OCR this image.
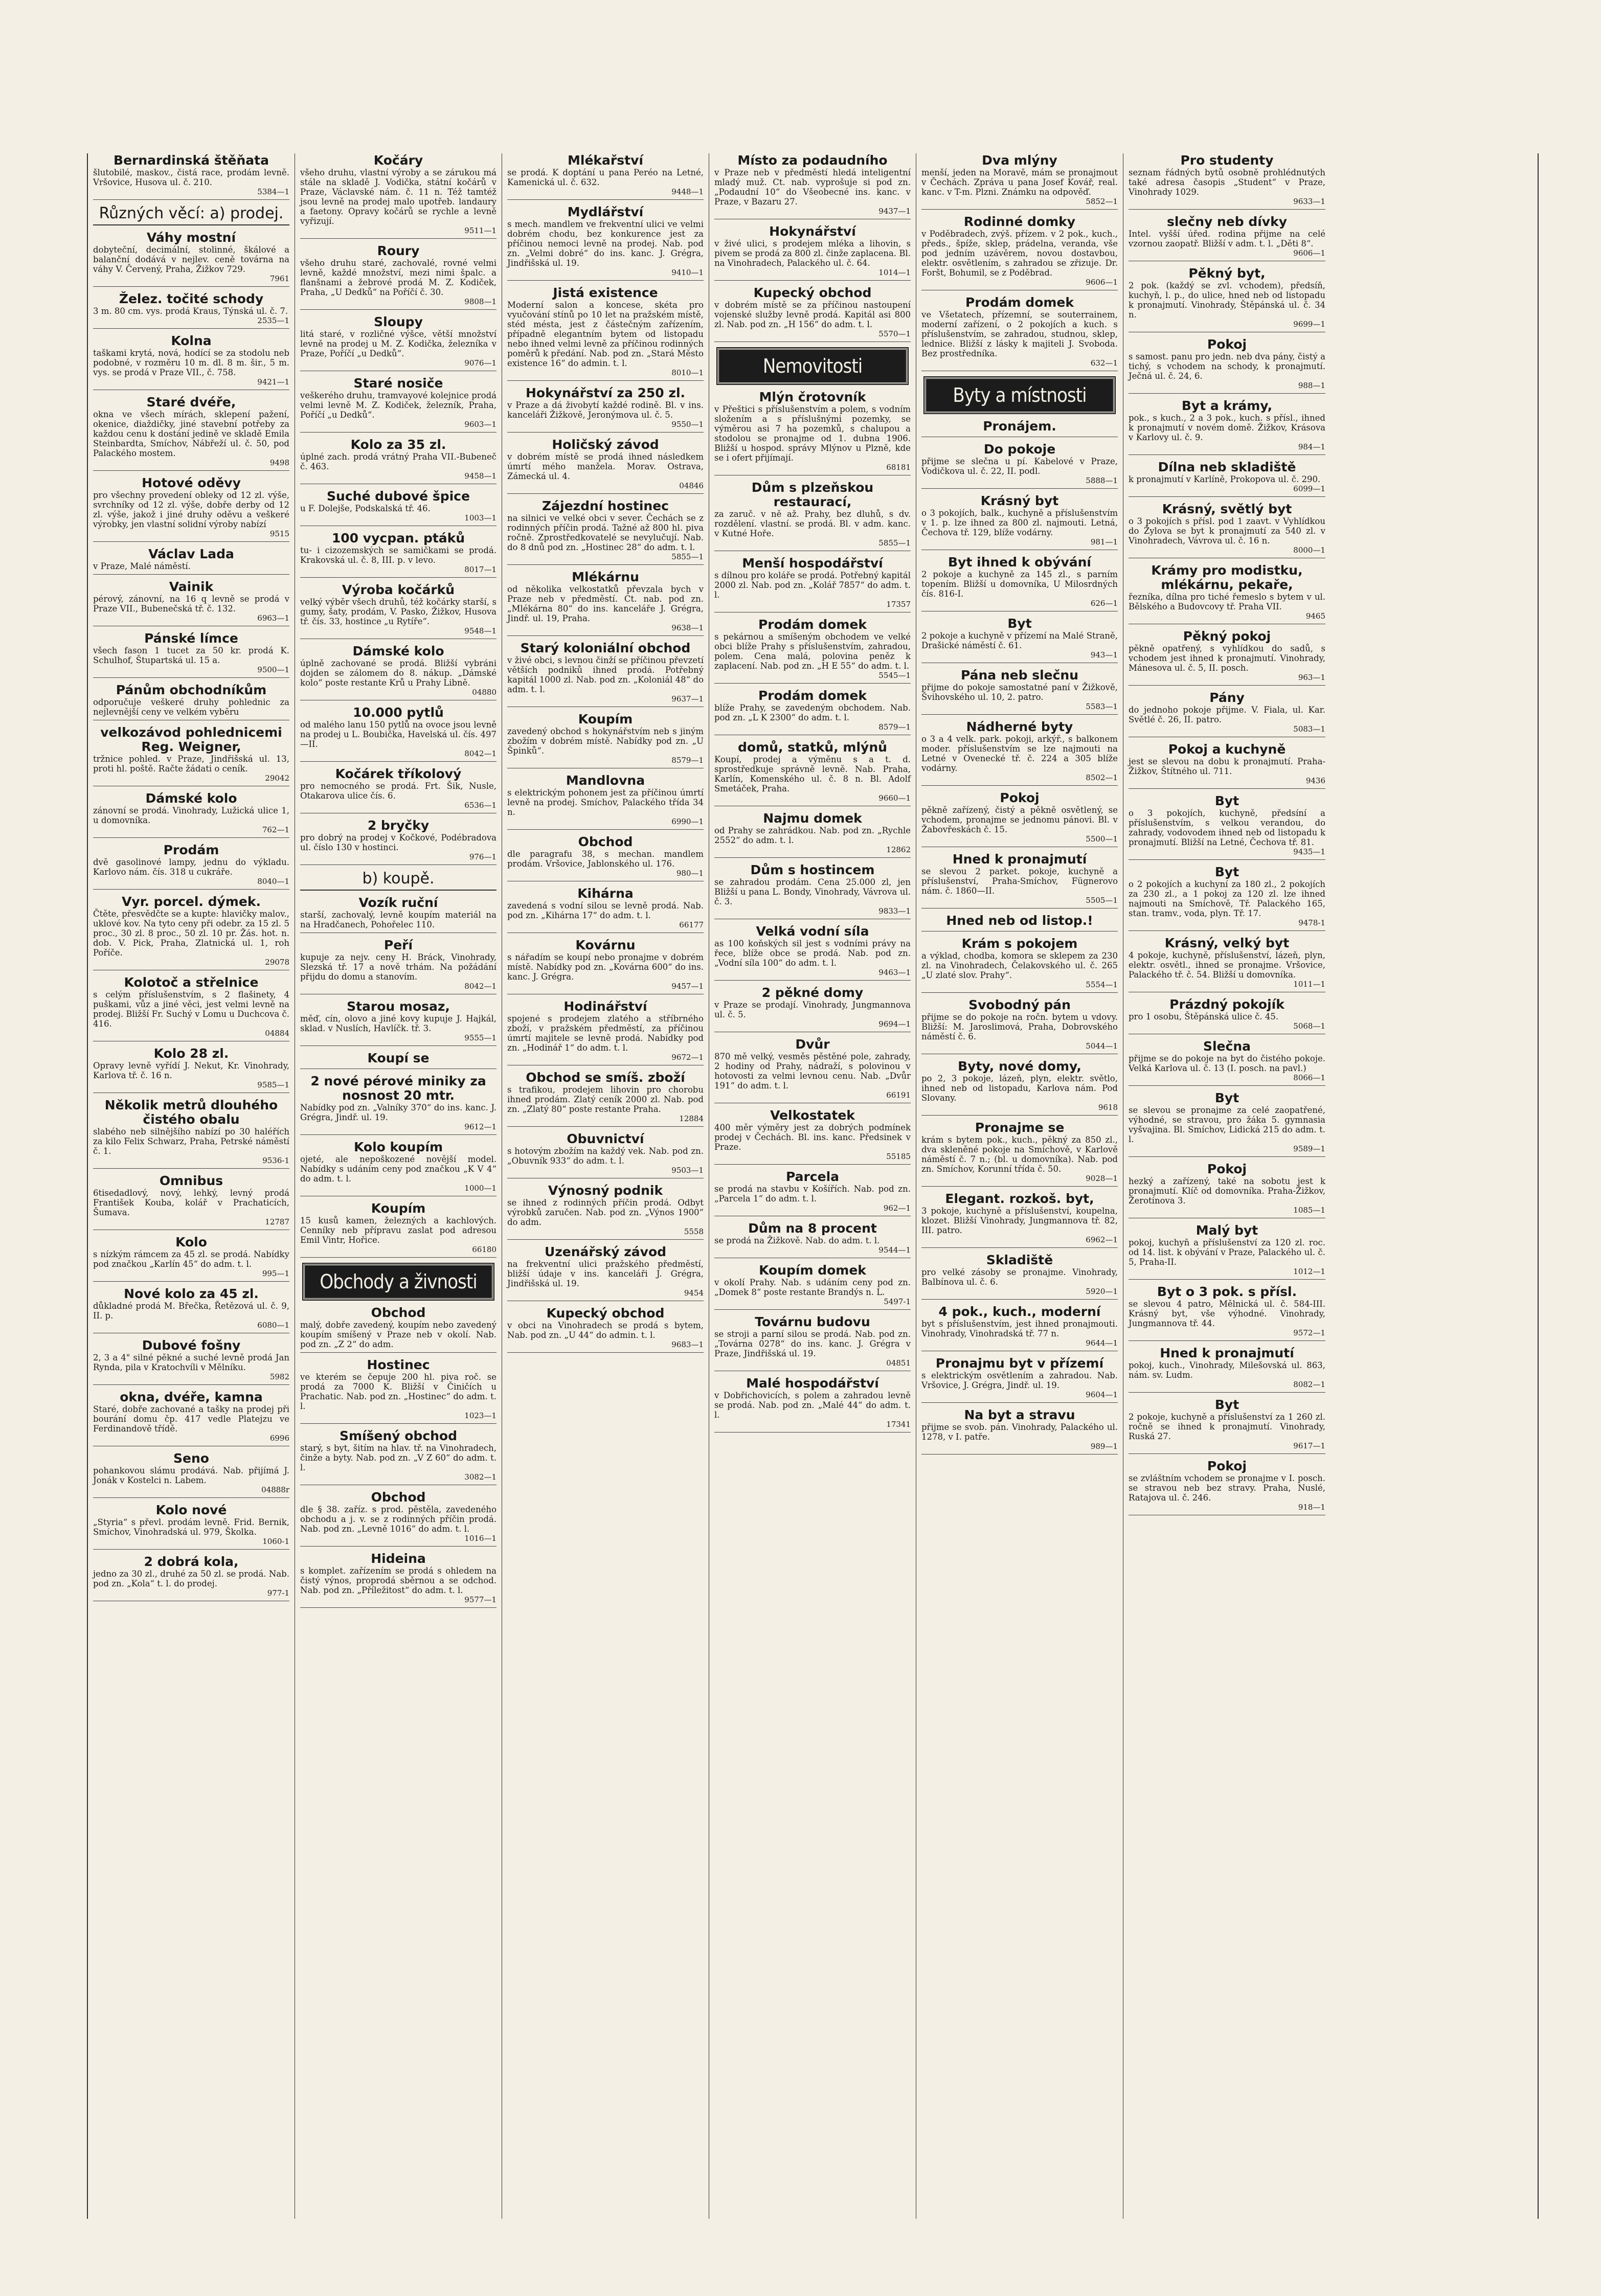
Bernardinská štěňata
šlutobilé, maskov., čistá race, prodám levně. Vršovice, Husova ul. č. 210.
5384—1
Různých věcí: a) prodej.
Váhy mostní
dobyteční, decimální, stolinné, škálové a balanční dodává v nejlev. ceně továrna na váhy V. Červený, Praha, Žižkov 729.
7961
Želez. točité schody
3 m. 80 cm. vys. prodá Kraus, Týnská ul. č. 7.
2535—1
Kolna
taškami krytá, nová, hodící se za stodolu neb podobné, v rozměru 10 m. dl. 8 m. šir., 5 m. vys. se prodá v Praze VII., č. 758.
9421—1
Staré dvéře,
okna ve všech mírách, sklepení pažení, okenice, diaždičky, jiné stavební potřeby za každou cenu k dostání jedině ve skladě Emila Steinbardta, Smíchov, Nábřeží ul. č. 50, pod Palackého mostem.
9498
Hotové oděvy
pro všechny provedení obleky od 12 zl. výše, svrchníky od 12 zl. výše, dobře derby od 12 zl. výše, jakož i jiné druhy oděvu a veškeré výrobky, jen vlastní solidní výroby nabízí
9515
Václav Lada
v Praze, Malé náměstí.
Vainik
pérový, zánovní, na 16 q levně se prodá v Praze VII., Bubenečská tř. č. 132.
6963—1
Pánské límce
všech fason 1 tucet za 50 kr. prodá K. Schulhof, Štupartská ul. 15 a.
9500—1
Pánům obchodníkům
odporučuje veškeré druhy pohlednic za nejlevnější ceny ve velkém vyběru
velkozávod pohlednicemi Reg. Weigner,
tržnice pohled. v Praze, Jindřišská ul. 13, proti hl. poště. Račte žádati o ceník.
29042
Dámské kolo
zánovní se prodá. Vinohrady, Lužická ulice 1, u domovníka.
762—1
Prodám
dvě gasolinové lampy, jednu do výkladu. Karlovo nám. čís. 318 u cukráře.
8040—1
Vyr. porcel. dýmek.
Čtěte, přesvědčte se a kupte: hlavičky malov., uklové kov. Na tyto ceny při odebr. za 15 zl. 5 proc., 30 zl. 8 proc., 50 zl. 10 pr. Žás. hot. n. dob. V. Pick, Praha, Zlatnická ul. 1, roh Poříče.
29078
Kolotoč a střelnice
s celým příslušenstvím, s 2 flašinety, 4 puškami, vůz a jiné věci, jest velmi levně na prodej. Bližší Fr. Suchý v Lomu u Duchcova č. 416.
04884
Kolo 28 zl.
Opravy levně vyřídí J. Nekut, Kr. Vinohrady, Karlova tř. č. 16 n.
9585—1
Několik metrů dlouhého čistého obalu
slabého neb silnějšího nabízí po 30 haléřích za kilo Felix Schwarz, Praha, Petrské náměstí č. 1.
9536-1
Omnibus
6tisedadlový, nový, lehký, levný prodá František Kouba, kolář v Prachaticích, Šumava.
12787
Kolo
s nízkým rámcem za 45 zl. se prodá. Nabídky pod značkou „Karlín 45“ do adm. t. l.
995—1
Nové kolo za 45 zl.
důkladné prodá M. Břečka, Řetězová ul. č. 9, II. p.
6080—1
Dubové fošny
2, 3 a 4" silné pěkné a suché levně prodá Jan Rynda, pila v Kratochvíli v Mělníku.
5982
okna, dvéře, kamna
Staré, dobře zachované a tašky na prodej při bourání domu čp. 417 vedle Platejzu ve Ferdinandově třídě.
6996
Seno
pohankovou slámu prodává. Nab. přijímá J. Jonák v Kostelci n. Labem.
04888r
Kolo nové
„Styria“ s převl. prodám levně. Frid. Bernik, Smíchov, Vinohradská ul. 979, Školka.
1060-1
2 dobrá kola,
jedno za 30 zl., druhé za 50 zl. se prodá. Nab. pod zn. „Kola“ t. l. do prodej.
977-1
Kočáry
všeho druhu, vlastní výroby a se zárukou má stále na skladě J. Vodička, státní kočárů v Praze, Václavské nám. č. 11 n. Též tamtéž jsou levně na prodej malo upotřeb. landaury a faetony. Opravy kočárů se rychle a levně vyřizují.
9511—1
Roury
všeho druhu staré, zachovalé, rovné velmi levně, každé množství, mezi nimi špalc. a flanšnami a žebrové prodá M. Z. Kodiček, Praha, „U Dedků“ na Poříčí č. 30.
9808—1
Sloupy
litá staré, v rozličné výšce, větší množství levně na prodej u M. Z. Kodička, železníka v Praze, Poříčí „u Dedků“.
9076—1
Staré nosiče
veškerého druhu, tramvayové kolejnice prodá velmi levně M. Z. Kodiček, železník, Praha, Poříčí „u Dedků“.
9603—1
Kolo za 35 zl.
úplné zach. prodá vrátný Praha VII.-Bubeneč č. 463.
9458—1
Suché dubové špice
u F. Dolejše, Podskalská tř. 46.
1003—1
100 vycpan. ptáků
tu- i cizozemských se samičkami se prodá. Krakovská ul. č. 8, III. p. v levo.
8017—1
Výroba kočárků
velký výběr všech druhů, též kočárky starší, s gumy, šaty, prodám, V. Pasko, Žižkov, Husova tř. čís. 33, hostince „u Rytíře“.
9548—1
Dámské kolo
úplně zachované se prodá. Bližší vybráni dojden se zálomem do 8. nákup. „Dámské kolo“ poste restante Krů u Prahy Libně.
04880
10.000 pytlů
od malého lanu 150 pytlů na ovoce jsou levně na prodej u L. Boubička, Havelská ul. čís. 497—II.
8042—1
Kočárek tříkolový
pro nemocného se prodá. Frt. Šik, Nusle, Otakarova ulice čís. 6.
6536—1
2 bryčky
pro dobrý na prodej v Kočkové, Podébradova ul. číslo 130 v hostinci.
976—1
b) koupě.
Vozík ruční
starší, zachovalý, levně koupím materiál na na Hradčanech, Pohořelec 110.
Peří
kupuje za nejv. ceny H. Bráck, Vinohrady, Slezská tř. 17 a nově trhám. Na požádání přijdu do domu a stanovím.
8042—1
Starou mosaz,
měď, cín, olovo a jiné kovy kupuje J. Hajkál, sklad. v Nuslích, Havlíčk. tř. 3.
9555—1
Koupí se
2 nové pérové miniky za nosnost 20 mtr.
Nabídky pod zn. „Valníky 370“ do ins. kanc. J. Grégra, Jindř. ul. 19.
9612—1
Kolo koupím
ojeté, ale nepoškozené novější model. Nabídky s udáním ceny pod značkou „K V 4“ do adm. t. l.
1000—1
Koupím
15 kusů kamen, železných a kachlových. Cenníky neb přípravu zaslat pod adresou Emil Vintr, Hořice.
66180
Obchody a živnosti
Obchod
malý, dobře zavedený, koupím nebo zavedený koupím smíšený v Praze neb v okolí. Nab. pod zn. „Z 2“ do adm.
Hostinec
ve kterém se čepuje 200 hl. piva roč. se prodá za 7000 K. Bližší v Činičích u Prachatic. Nab. pod zn. „Hostinec“ do adm. t. l.
1023—1
Smíšený obchod
starý, s byt, šitím na hlav. tř. na Vinohradech, činže a byty. Nab. pod zn. „V Z 60“ do adm. t. l.
3082—1
Obchod
dle § 38. zaříz. s prod. pěstěla, zavedeného obchodu a j. v. se z rodinných příčin prodá. Nab. pod zn. „Levně 1016“ do adm. t. l.
1016—1
Hideina
s komplet. zařízením se prodá s ohledem na čistý výnos, proprodá sběrnou a se odchod. Nab. pod zn. „Příležitost“ do adm. t. l.
9577—1
Mlékařství
se prodá. K doptání u pana Peréo na Letné, Kamenická ul. č. 632.
9448—1
Mydlářství
s mech. mandlem ve frekventní ulici ve velmi dobrém chodu, bez konkurence jest za příčinou nemoci levně na prodej. Nab. pod zn. „Velmi dobré“ do ins. kanc. J. Grégra, Jindřišská ul. 19.
9410—1
Jistá existence
Moderní salon a koncese, skéta pro vyučování stínů po 10 let na pražském místě, stéd mésta, jest z částečným zařízením, případně elegantním bytem od listopadu nebo ihned velmi levně za příčinou rodinných poměrů k předání. Nab. pod zn. „Stará Město existence 16“ do admin. t. l.
8010—1
Hokynářství za 250 zl.
v Praze a dá živobytí každé rodině. Bl. v ins. kanceláři Žižkově, Jeronýmova ul. č. 5.
9550—1
Holičský závod
v dobrém místě se prodá ihned následkem úmrtí mého manžela. Morav. Ostrava, Zámecká ul. 4.
04846
Zájezdní hostinec
na silnici ve velké obci v sever. Čechách se z rodinných příčin prodá. Tažné až 800 hl. piva ročně. Zprostředkovatelé se nevylučují. Nab. do 8 dnů pod zn. „Hostinec 28“ do adm. t. l.
5855—1
Mlékárnu
od několika velkostatků převzala bych v Praze neb v předměstí. Ct. nab. pod zn. „Mlékárna 80“ do ins. kanceláře J. Grégra, Jindř. ul. 19, Praha.
9638—1
Starý koloniální obchod
v živé obci, s levnou činží se příčinou převzetí větších podniků ihned prodá. Potřebný kapitál 1000 zl. Nab. pod zn. „Koloniál 48“ do adm. t. l.
9637—1
Koupím
zavedený obchod s hokynářstvím neb s jiným zbožím v dobrém místě. Nabídky pod zn. „U Špinků“.
8579—1
Mandlovna
s elektrickým pohonem jest za příčinou úmrtí levně na prodej. Smíchov, Palackého třída 34 n.
6990—1
Obchod
dle paragrafu 38, s mechan. mandlem prodám. Vršovice, Jablonského ul. 176.
980—1
Kihárna
zavedená s vodní silou se levně prodá. Nab. pod zn. „Kihárna 17“ do adm. t. l.
66177
Kovárnu
s nářadím se koupí nebo pronajme v dobrém místě. Nabídky pod zn. „Kovárna 600“ do ins. kanc. J. Grégra.
9457—1
Hodinářství
spojené s prodejem zlatého a stříbrného zboží, v pražském předměstí, za příčinou úmrtí majitele se levně prodá. Nabídky pod zn. „Hodinář 1“ do adm. t. l.
9672—1
Obchod se smíš. zboží
s trafikou, prodejem lihovin pro chorobu ihned prodám. Zlatý ceník 2000 zl. Nab. pod zn. „Zlatý 80“ poste restante Praha.
12884
Obuvnictví
s hotovým zbožím na každý vek. Nab. pod zn. „Obuvník 933“ do adm. t. l.
9503—1
Výnosný podnik
se ihned z rodinných příčin prodá. Odbyt výrobků zaručen. Nab. pod zn. „Výnos 1900“ do adm.
5558
Uzenářský závod
na frekventní ulici pražského předměstí, bližší údaje v ins. kanceláři J. Grégra, Jindřišská ul. 19.
9454
Kupecký obchod
v obci na Vinohradech se prodá s bytem, Nab. pod zn. „U 44“ do admin. t. l.
9683—1
Místo za podaudního
v Praze neb v předměstí hledá inteligentní mladý muž. Ct. nab. vyprošuje si pod zn. „Podaudní 10“ do Všeobecné ins. kanc. v Praze, v Bazaru 27.
9437—1
Hokynářství
v živé ulici, s prodejem mléka a lihovin, s pivem se prodá za 800 zl. činže zaplacena. Bl. na Vinohradech, Palackého ul. č. 64.
1014—1
Kupecký obchod
v dobrém místě se za příčinou nastoupení vojenské služby levně prodá. Kapitál asi 800 zl. Nab. pod zn. „H 156“ do adm. t. l.
5570—1
Nemovitosti
Mlýn črotovník
v Přeštici s příslušenstvím a polem, s vodním složením a s příslušnými pozemky, se výměrou asi 7 ha pozemků, s chalupou a stodolou se pronajme od 1. dubna 1906. Bližší u hospod. správy Mlýnov u Plzně, kde se i ofert přijímají.
68181
Dům s plzeňskou restaurací,
za zaruč. v ně až. Prahy, bez dluhů, s dv. rozdělení. vlastní. se prodá. Bl. v adm. kanc. v Kutné Hoře.
5855—1
Menší hospodářství
s dílnou pro koláře se prodá. Potřebný kapitál 2000 zl. Nab. pod zn. „Kolář 7857“ do adm. t. l.
17357
Prodám domek
s pekárnou a smíšeným obchodem ve velké obci blíže Prahy s příslušenstvím, zahradou, polem. Cena malá, polovina peněz k zaplacení. Nab. pod zn. „H E 55“ do adm. t. l.
5545—1
Prodám domek
blíže Prahy, se zavedeným obchodem. Nab. pod zn. „L K 2300“ do adm. t. l.
8579—1
domů, statků, mlýnů
Koupí, prodej a výměnu s a t. d. sprostředkuje správně levně. Nab. Praha, Karlín, Komenského ul. č. 8 n. Bl. Adolf Smetáček, Praha.
9660—1
Najmu domek
od Prahy se zahrádkou. Nab. pod zn. „Rychle 2552“ do adm. t. l.
12862
Dům s hostincem
se zahradou prodám. Cena 25.000 zl, jen Bližší u pana L. Bondy, Vinohrady, Vávrova ul. č. 3.
9833—1
Velká vodní síla
as 100 koňských sil jest s vodními právy na řece, blíže obce se prodá. Nab. pod zn. „Vodní síla 100“ do adm. t. l.
9463—1
2 pěkné domy
v Praze se prodají. Vinohrady, Jungmannova ul. č. 5.
9694—1
Dvůr
870 mě velký, vesměs pěstěné pole, zahrady, 2 hodiny od Prahy, nádraží, s polovinou v hotovosti za velmi levnou cenu. Nab. „Dvůr 191“ do adm. t. l.
66191
Velkostatek
400 měr výměry jest za dobrých podmínek prodej v Čechách. Bl. ins. kanc. Předsinek v Praze.
55185
Parcela
se prodá na stavbu v Košířích. Nab. pod zn. „Parcela 1“ do adm. t. l.
962—1
Dům na 8 procent
se prodá na Žižkově. Nab. do adm. t. l.
9544—1
Koupím domek
v okolí Prahy. Nab. s udáním ceny pod zn. „Domek 8“ poste restante Brandýs n. L.
5497-1
Továrnu budovu
se stroji a parní silou se prodá. Nab. pod zn. „Továrna 0278“ do ins. kanc. J. Grégra v Praze, Jindřišská ul. 19.
04851
Malé hospodářství
v Dobřichovicích, s polem a zahradou levně se prodá. Nab. pod zn. „Malé 44“ do adm. t. l.
17341
Dva mlýny
menší, jeden na Moravě, mám se pronajmout v Čechách. Zpráva u pana Josef Kovář, real. kanc. v T-m. Plzni. Známku na odpověď.
5852—1
Rodinné domky
v Poděbradech, zvýš. přízem. v 2 pok., kuch., předs., špíže, sklep, prádelna, veranda, vše pod jedním uzávěrem, novou dostavbou, elektr. osvětlením, s zahradou se zřizuje. Dr. Foršt, Bohumil, se z Poděbrad.
9606—1
Prodám domek
ve Všetatech, přízemní, se souterrainem, moderní zařízení, o 2 pokojích a kuch. s příslušenstvím, se zahradou, studnou, sklep, lednice. Bližší z lásky k majiteli J. Svoboda. Bez prostředníka.
632—1
Byty a místnosti
Pronájem.
Do pokoje
přijme se slečna u pí. Kabelové v Praze, Vodičkova ul. č. 22, II. podl.
5888—1
Krásný byt
o 3 pokojích, balk., kuchyně a příslušenstvím v 1. p. lze ihned za 800 zl. najmouti. Letná, Čechova tř. 129, blíže vodárny.
981—1
Byt ihned k obývání
2 pokoje a kuchyně za 145 zl., s parním topením. Bližší u domovníka, U Milosrdných čís. 816-I.
626—1
Byt
2 pokoje a kuchyně v přízemí na Malé Straně, Drašické náměstí č. 61.
943—1
Pána neb slečnu
přijme do pokoje samostatné paní v Žižkově, Švihovského ul. 10, 2. patro.
5583—1
Nádherné byty
o 3 a 4 velk. park. pokoji, arkýř., s balkonem moder. příslušenstvím se lze najmouti na Letné v Ovenecké tř. č. 224 a 305 blíže vodárny.
8502—1
Pokoj
pěkně zařízený, čistý a pěkně osvětlený, se vchodem, pronajme se jednomu pánovi. Bl. v Žabovřeskách č. 15.
5500—1
Hned k pronajmutí
se slevou 2 parket. pokoje, kuchyně a příslušenství, Praha-Smíchov, Fügnerovo nám. č. 1860—II.
5505—1
Hned neb od listop.!
Krám s pokojem
a výklad, chodba, komora se sklepem za 230 zl. na Vinohradech, Čelakovského ul. č. 265 „U zlaté slov. Prahy“.
5554—1
Svobodný pán
přijme se do pokoje na ročn. bytem u vdovy. Bližší: M. Jaroslimová, Praha, Dobrovského náměstí č. 6.
5044—1
Byty, nové domy,
po 2, 3 pokoje, lázeň, plyn, elektr. světlo, ihned neb od listopadu, Karlova nám. Pod Slovany.
9618
Pronajme se
krám s bytem pok., kuch., pěkný za 850 zl., dva skleněné pokoje na Smíchově, v Karlově náměstí č. 7 n.; (bl. u domovníka). Nab. pod zn. Smíchov, Korunní třída č. 50.
9028—1
Elegant. rozkoš. byt,
3 pokoje, kuchyně a příslušenství, koupelna, klozet. Bližší Vinohrady, Jungmannova tř. 82, III. patro.
6962—1
Skladiště
pro velké zásoby se pronajme. Vinohrady, Balbínova ul. č. 6.
5920—1
4 pok., kuch., moderní
byt s příslušenstvím, jest ihned pronajmouti. Vinohrady, Vinohradská tř. 77 n.
9644—1
Pronajmu byt v přízemí
s elektrickým osvětlením a zahradou. Nab. Vršovice, J. Grégra, Jindř. ul. 19.
9604—1
Na byt a stravu
přijme se svob. pán. Vinohrady, Palackého ul. 1278, v I. patře.
989—1
Pro studenty
seznam řádných bytů osobně prohlédnutých také adresa časopis „Student“ v Praze, Vinohrady 1029.
9633—1
slečny neb dívky
Intel. vyšší úřed. rodina přijme na celé vzornou zaopatř. Bližší v adm. t. l. „Děti 8“.
9606—1
Pěkný byt,
2 pok. (každý se zvl. vchodem), předsíň, kuchyň, l. p., do ulice, hned neb od listopadu k pronajmutí. Vinohrady, Štěpánská ul. č. 34 n.
9699—1
Pokoj
s samost. panu pro jedn. neb dva pány, čistý a tichý, s vchodem na schody, k pronajmutí. Ječná ul. č. 24, 6.
988—1
Byt a krámy,
pok., s kuch., 2 a 3 pok., kuch. s přísl., ihned k pronajmutí v novém domě. Žižkov, Krásova v Karlovy ul. č. 9.
984—1
Dílna neb skladiště
k pronajmutí v Karlíně, Prokopova ul. č. 290.
6099—1
Krásný, světlý byt
o 3 pokojích s přísl. pod 1 zaavt. v Vyhlídkou do Žylova se byt k pronajmutí za 540 zl. v Vinohradech, Vávrova ul. č. 16 n.
8000—1
Krámy pro modistku, mlékárnu, pekaře,
řezníka, dílna pro tiché řemeslo s bytem v ul. Bělského a Budovcovy tř. Praha VII.
9465
Pěkný pokoj
pěkně opatřený, s vyhlídkou do sadů, s vchodem jest ihned k pronajmutí. Vinohrady, Mánesova ul. č. 5, II. posch.
963—1
Pány
do jednoho pokoje přijme. V. Fiala, ul. Kar. Světlé č. 26, II. patro.
5083—1
Pokoj a kuchyně
jest se slevou na dobu k pronajmutí. Praha-Žižkov, Štítného ul. 711.
9436
Byt
o 3 pokojích, kuchyně, předsíní a příslušenstvím, s velkou verandou, do zahrady, vodovodem ihned neb od listopadu k pronajmutí. Bližší na Letné, Čechova tř. 81.
9435—1
Byt
o 2 pokojích a kuchyní za 180 zl., 2 pokojích za 230 zl., a 1 pokoj za 120 zl. lze ihned najmouti na Smíchově, Tř. Palackého 165, stan. tramv., voda, plyn. Tř. 17.
9478-1
Krásný, velký byt
4 pokoje, kuchyně, příslušenství, lázeň, plyn, elektr. osvětl., ihned se pronajme. Vršovice, Palackého tř. č. 54. Bližší u domovníka.
1011—1
Prázdný pokojík
pro 1 osobu, Štěpánská ulice č. 45.
5068—1
Slečna
přijme se do pokoje na byt do čistého pokoje. Velká Karlova ul. č. 13 (I. posch. na pavl.)
8066—1
Byt
se slevou se pronajme za celé zaopatřené, výhodné, se stravou, pro žáka 5. gymnasia vyšvajina. Bl. Smíchov, Lidická 215 do adm. t. l.
9589—1
Pokoj
hezký a zařízený, také na sobotu jest k pronajmutí. Klíč od domovníka. Praha-Žižkov, Žerotínova 3.
1085—1
Malý byt
pokoj, kuchyň a příslušenství za 120 zl. roc. od 14. list. k obývání v Praze, Palackého ul. č. 5, Praha-II.
1012—1
Byt o 3 pok. s přísl.
se slevou 4 patro, Mělnická ul. č. 584-III. Krásný byt, vše výhodné. Vinohrady, Jungmannova tř. 44.
9572—1
Hned k pronajmutí
pokoj, kuch., Vinohrady, Milešovská ul. 863, nám. sv. Ludm.
8082—1
Byt
2 pokoje, kuchyně a příslušenství za 1 260 zl. ročně se ihned k pronajmutí. Vinohrady, Ruská 27.
9617—1
Pokoj
se zvláštním vchodem se pronajme v I. posch. se stravou neb bez stravy. Praha, Nuslé, Ratajova ul. č. 246.
918—1
